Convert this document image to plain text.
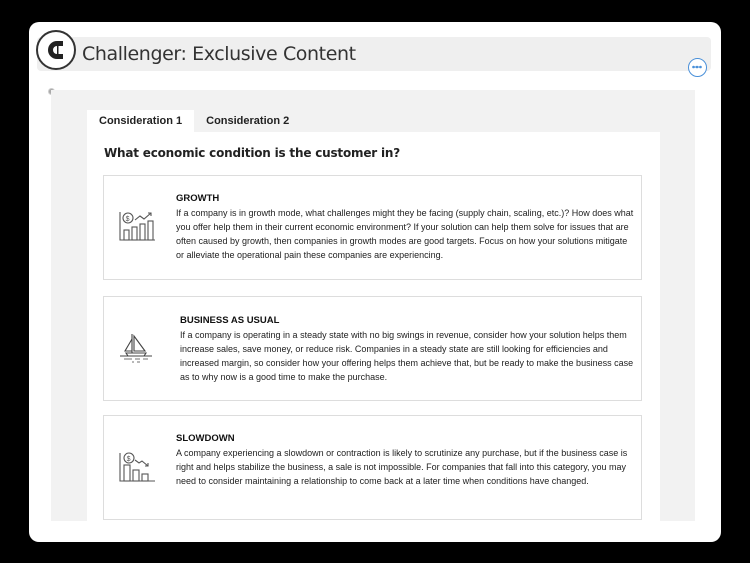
Challenger: Exclusive Content
Consideration 1	Consideration 2
What economic condition is the customer in?
$
GROWTH
If a company is in growth mode, what challenges might they be facing (supply chain, scaling, etc.)? How does what you offer help them in their current economic environment? If your solution can help them solve for issues that are often caused by growth, then companies in growth modes are good targets. Focus on how your solutions mitigate or alleviate the operational pain these companies are experiencing.
BUSINESS AS USUAL
If a company is operating in a steady state with no big swings in revenue, consider how your solution helps them increase sales, save money, or reduce risk. Companies in a steady state are still looking for efficiencies and increased margin, so consider how your offering helps them achieve that, but be ready to make the business case as to why now is a good time to make the purchase.
$
SLOWDOWN
A company experiencing a slowdown or contraction is likely to scrutinize any purchase, but if the business case is right and helps stabilize the business, a sale is not impossible. For companies that fall into this category, you may need to consider maintaining a relationship to come back at a later time when conditions have changed.
